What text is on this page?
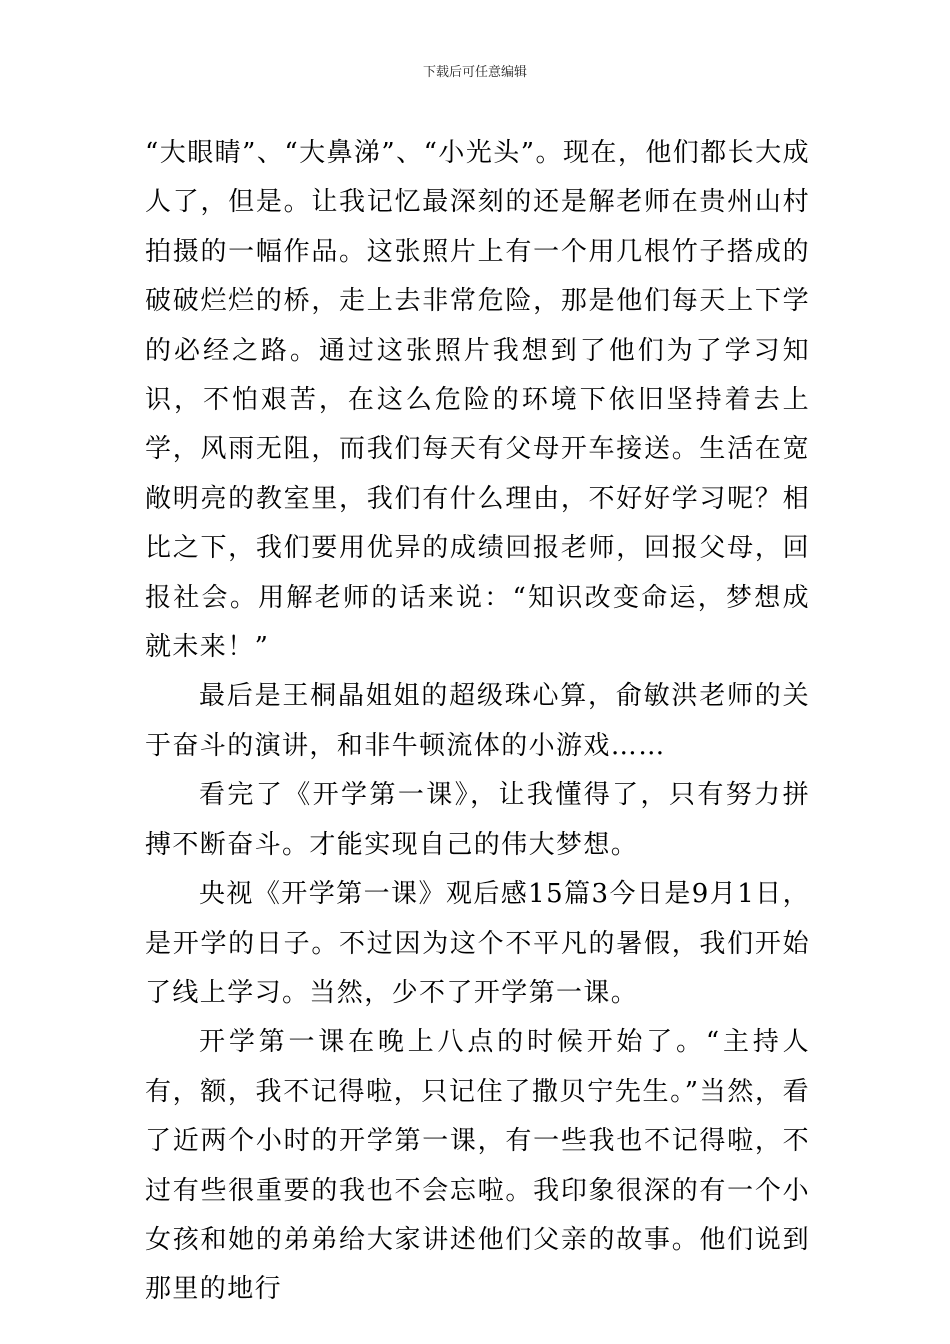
下载后可任意编辑

“大眼睛”、“大鼻涕”、“小光头”。现在，他们都长大成人了，但是。让我记忆最深刻的还是解老师在贵州山村拍摄的一幅作品。这张照片上有一个用几根竹子搭成的破破烂烂的桥，走上去非常危险，那是他们每天上下学的必经之路。通过这张照片我想到了他们为了学习知识，不怕艰苦，在这么危险的环境下依旧坚持着去上学，风雨无阻，而我们每天有父母开车接送。生活在宽敞明亮的教室里，我们有什么理由，不好好学习呢？相比之下，我们要用优异的成绩回报老师，回报父母，回报社会。用解老师的话来说：“知识改变命运，梦想成就未来！”

最后是王桐晶姐姐的超级珠心算，俞敏洪老师的关于奋斗的演讲，和非牛顿流体的小游戏……

看完了《开学第一课》，让我懂得了，只有努力拼搏不断奋斗。才能实现自己的伟大梦想。

央视《开学第一课》观后感15篇3今日是9月1日，是开学的日子。不过因为这个不平凡的暑假，我们开始了线上学习。当然，少不了开学第一课。

开学第一课在晚上八点的时候开始了。“主持人有，额，我不记得啦，只记住了撒贝宁先生。”当然，看了近两个小时的开学第一课，有一些我也不记得啦，不过有些很重要的我也不会忘啦。我印象很深的有一个小女孩和她的弟弟给大家讲述他们父亲的故事。他们说到那里的地行
